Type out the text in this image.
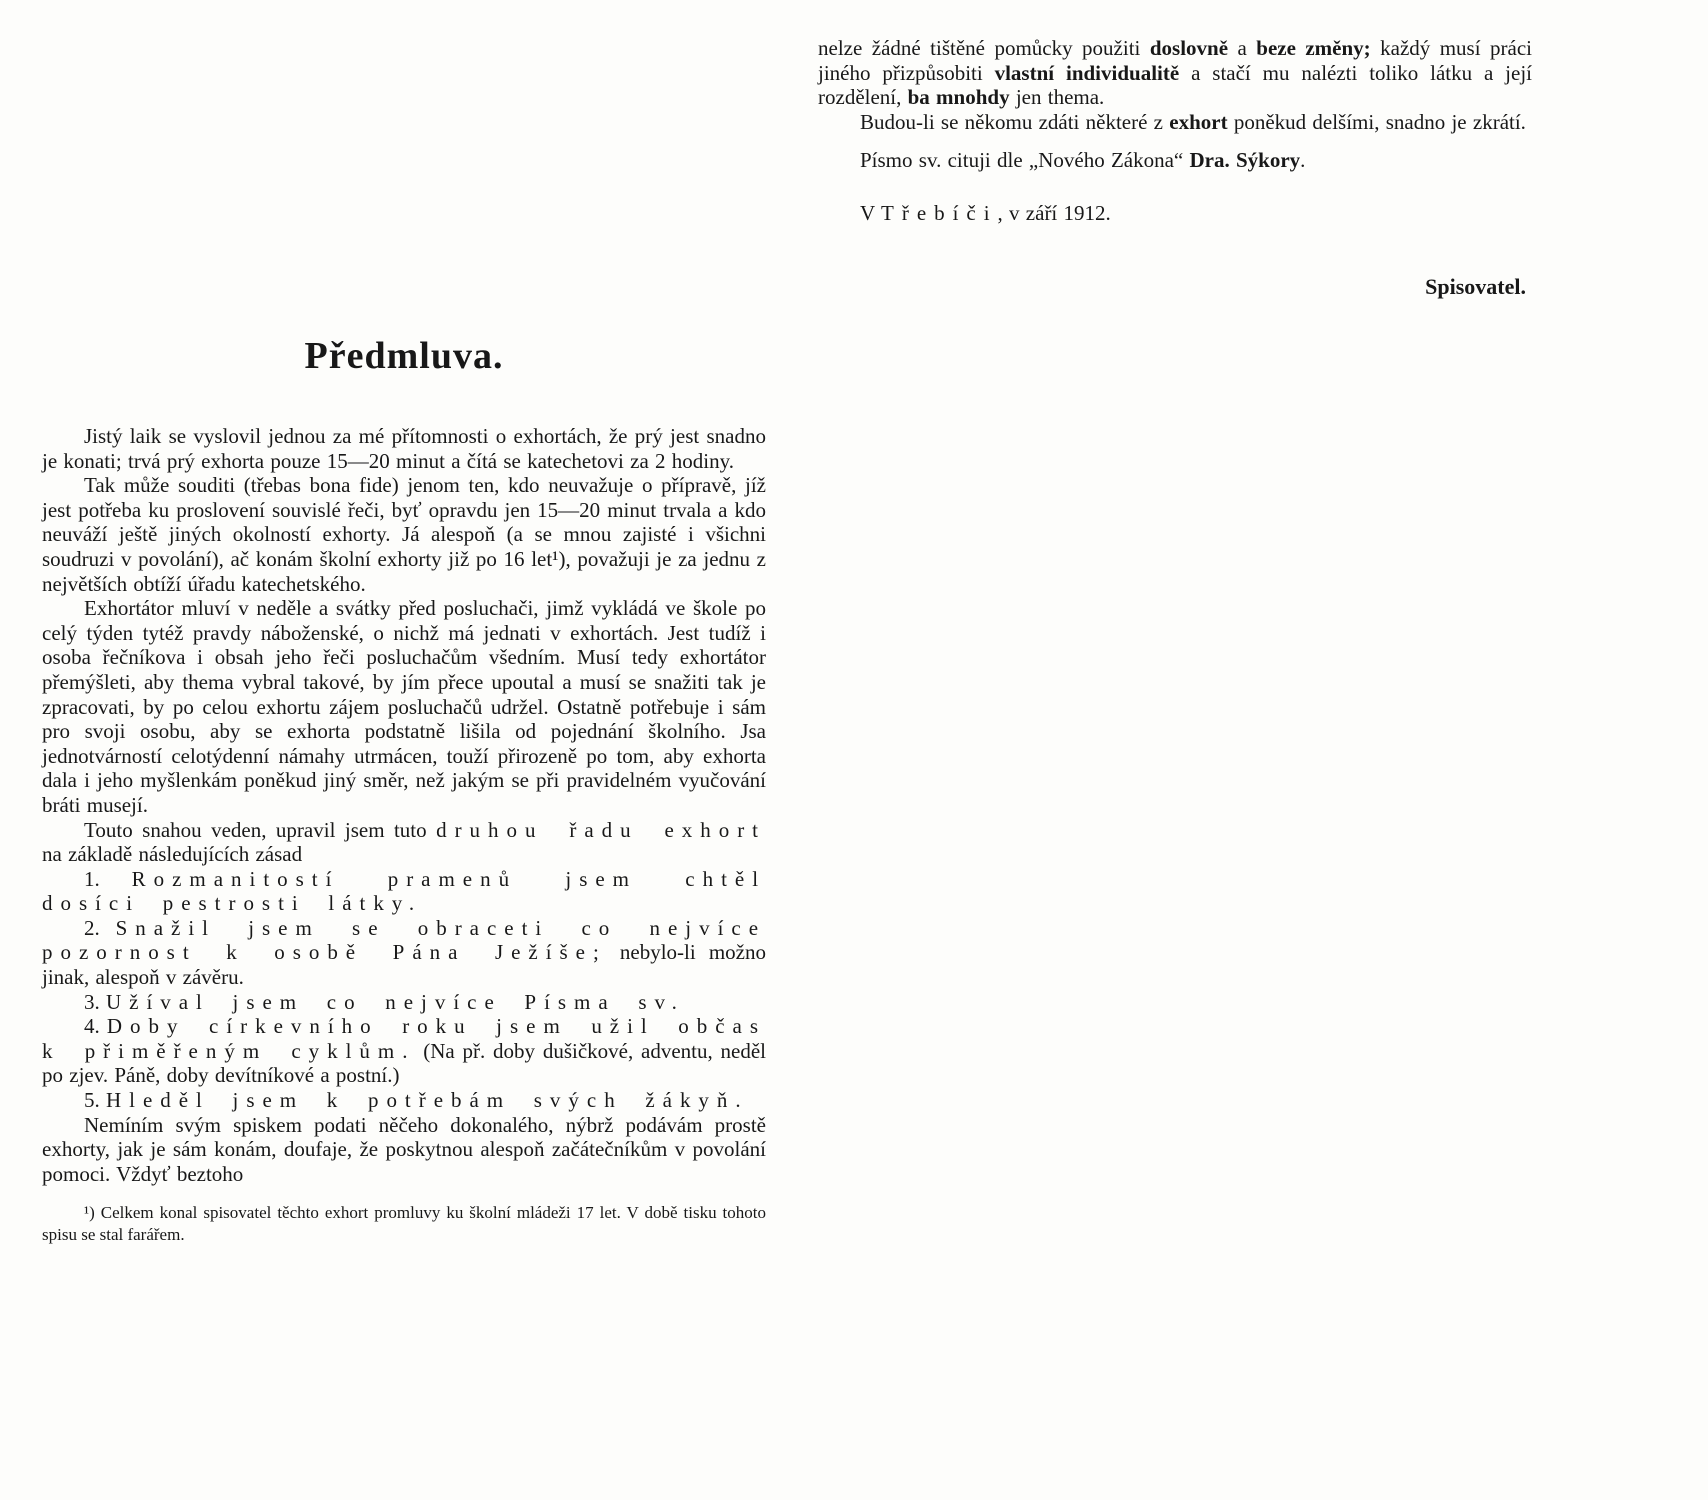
nelze žádné tištěné pomůcky použiti doslovně a beze změny; každý musí práci jiného přizpůsobiti vlastní individualitě a stačí mu nalézti toliko látku a její rozdělení, ba mnohdy jen thema.

Budou-li se někomu zdáti některé z exhort poněkud delšími, snadno je zkrátí.

Písmo sv. cituji dle „Nového Zákona“ Dra. Sýkory.

V Třebíči, v září 1912.

Spisovatel.

Předmluva.

Jistý laik se vyslovil jednou za mé přítomnosti o exhortách, že prý jest snadno je konati; trvá prý exhorta pouze 15—20 minut a čítá se katechetovi za 2 hodiny.

Tak může souditi (třebas bona fide) jenom ten, kdo neuvažuje o přípravě, jíž jest potřeba ku proslovení souvislé řeči, byť opravdu jen 15—20 minut trvala a kdo neuváží ještě jiných okolností exhorty. Já alespoň (a se mnou zajisté i všichni soudruzi v povolání), ač konám školní exhorty již po 16 let¹), považuji je za jednu z největších obtíží úřadu katechetského.

Exhortátor mluví v neděle a svátky před posluchači, jimž vykládá ve škole po celý týden tytéž pravdy náboženské, o nichž má jednati v exhortách. Jest tudíž i osoba řečníkova i obsah jeho řeči posluchačům všedním. Musí tedy exhortátor přemýšleti, aby thema vybral takové, by jím přece upoutal a musí se snažiti tak je zpracovati, by po celou exhortu zájem posluchačů udržel. Ostatně potřebuje i sám pro svoji osobu, aby se exhorta podstatně lišila od pojednání školního. Jsa jednotvárností celotýdenní námahy utrmácen, touží přirozeně po tom, aby exhorta dala i jeho myšlenkám poněkud jiný směr, než jakým se při pravidelném vyučování bráti musejí.

Touto snahou veden, upravil jsem tuto druhou řadu exhort na základě následujících zásad

1. Rozmanitostí pramenů jsem chtěl dosíci pestrosti látky.

2. Snažil jsem se obraceti co nejvíce pozornost k osobě Pána Ježíše; nebylo-li možno jinak, alespoň v závěru.

3. Užíval jsem co nejvíce Písma sv.

4. Doby církevního roku jsem užil občas k přiměřeným cyklům. (Na př. doby dušičkové, adventu, neděl po zjev. Páně, doby devítníkové a postní.)

5. Hleděl jsem k potřebám svých žákyň.

Nemíním svým spiskem podati něčeho dokonalého, nýbrž podávám prostě exhorty, jak je sám konám, doufaje, že poskytnou alespoň začátečníkům v povolání pomoci. Vždyť beztoho

¹) Celkem konal spisovatel těchto exhort promluvy ku školní mládeži 17 let. V době tisku tohoto spisu se stal farářem.
